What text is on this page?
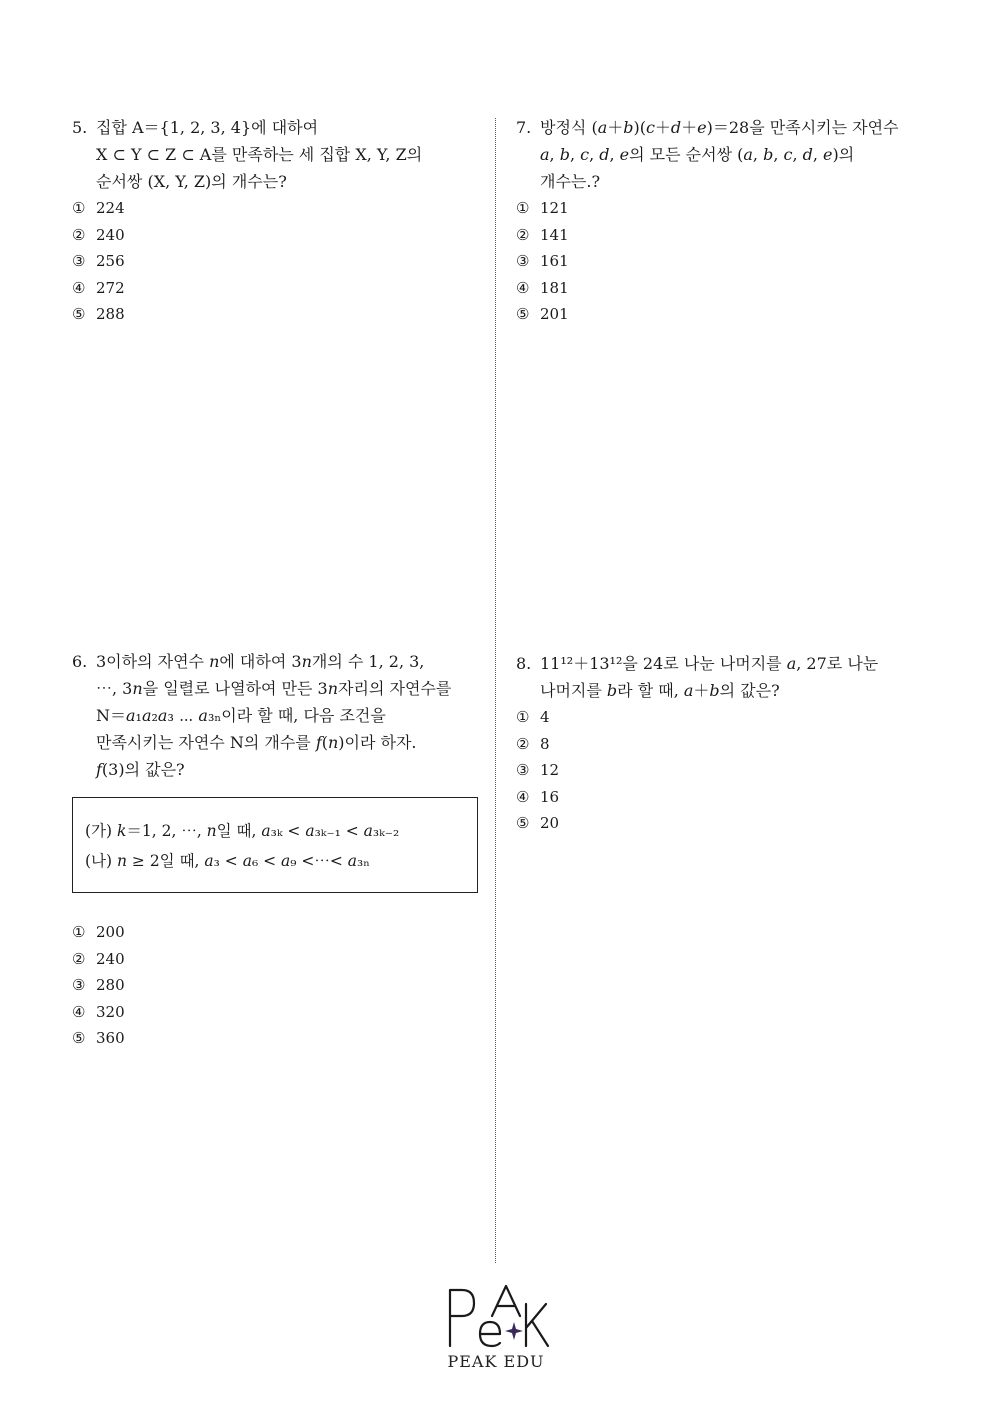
5. 집합 A＝{1, 2, 3, 4}에 대하여
X ⊂ Y ⊂ Z ⊂ A를 만족하는 세 집합 X, Y, Z의
순서쌍 (X, Y, Z)의 개수는?
① 224
② 240
③ 256
④ 272
⑤ 288
6. 3이하의 자연수 𝑛에 대하여 3𝑛개의 수 1, 2, 3,
⋯, 3𝑛을 일렬로 나열하여 만든 3𝑛자리의 자연수를
N＝𝑎₁𝑎₂𝑎₃ ⋯ 𝑎₃ₙ이라 할 때, 다음 조건을
만족시키는 자연수 N의 개수를 𝑓(𝑛)이라 하자.
𝑓(3)의 값은?
(가) 𝑘＝1, 2, ⋯, 𝑛일 때, 𝑎₃ₖ < 𝑎₃ₖ₋₁ < 𝑎₃ₖ₋₂
(나) 𝑛 ≥ 2일 때, 𝑎₃ < 𝑎₆ < 𝑎₉ <⋯< 𝑎₃ₙ
① 200
② 240
③ 280
④ 320
⑤ 360
7. 방정식 (𝑎＋𝑏)(𝑐＋𝑑＋𝑒)＝28을 만족시키는 자연수
𝑎, 𝑏, 𝑐, 𝑑, 𝑒의 모든 순서쌍 (𝑎, 𝑏, 𝑐, 𝑑, 𝑒)의
개수는.?
① 121
② 141
③ 161
④ 181
⑤ 201
8. 11¹²＋13¹²을 24로 나눈 나머지를 𝑎, 27로 나눈
나머지를 𝑏라 할 때, 𝑎＋𝑏의 값은?
① 4
② 8
③ 12
④ 16
⑤ 20
PEAK EDU
